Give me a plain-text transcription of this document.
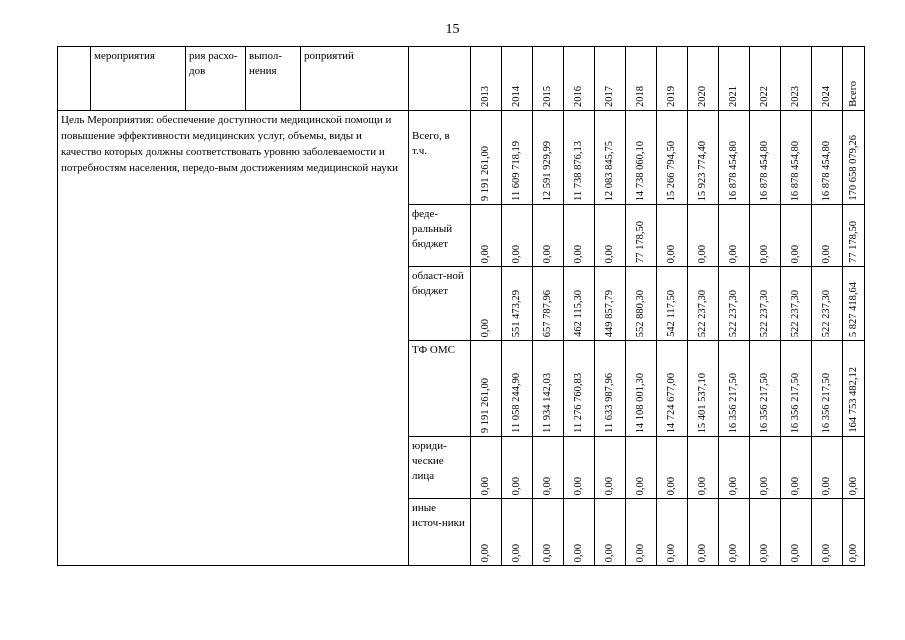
15

	мероприятия	рия расхо-дов	выпол-нения	роприятий		2013	2014	2015	2016	2017	2018	2019	2020	2021	2022	2023	2024	Всего

Цель Мероприятия: обеспечение доступности медицинской помощи и повышение эффективности медицинских услуг, объемы, виды и качество которых должны соответствовать уровню заболеваемости и потребностям населения, передо-вым достижениям медицинской науки					Всего, в т.ч.	9 191 261,00	11 609 718,19	12 591 929,99	11 738 876,13	12 083 845,75	14 738 060,10	15 266 794,50	15 923 774,40	16 878 454,80	16 878 454,80	16 878 454,80	16 878 454,80	170 658 079,26

					феде-ральный бюджет	0,00	0,00	0,00	0,00	0,00	77 178,50	0,00	0,00	0,00	0,00	0,00	0,00	77 178,50

					област-ной бюджет	0,00	551 473,29	657 787,96	462 115,30	449 857,79	552 880,30	542 117,50	522 237,30	522 237,30	522 237,30	522 237,30	522 237,30	5 827 418,64

					ТФ ОМС	9 191 261,00	11 058 244,90	11 934 142,03	11 276 760,83	11 633 987,96	14 108 001,30	14 724 677,00	15 401 537,10	16 356 217,50	16 356 217,50	16 356 217,50	16 356 217,50	164 753 482,12

					юриди-ческие лица	0,00	0,00	0,00	0,00	0,00	0,00	0,00	0,00	0,00	0,00	0,00	0,00	0,00

					иные источ-ники	0,00	0,00	0,00	0,00	0,00	0,00	0,00	0,00	0,00	0,00	0,00	0,00	0,00
